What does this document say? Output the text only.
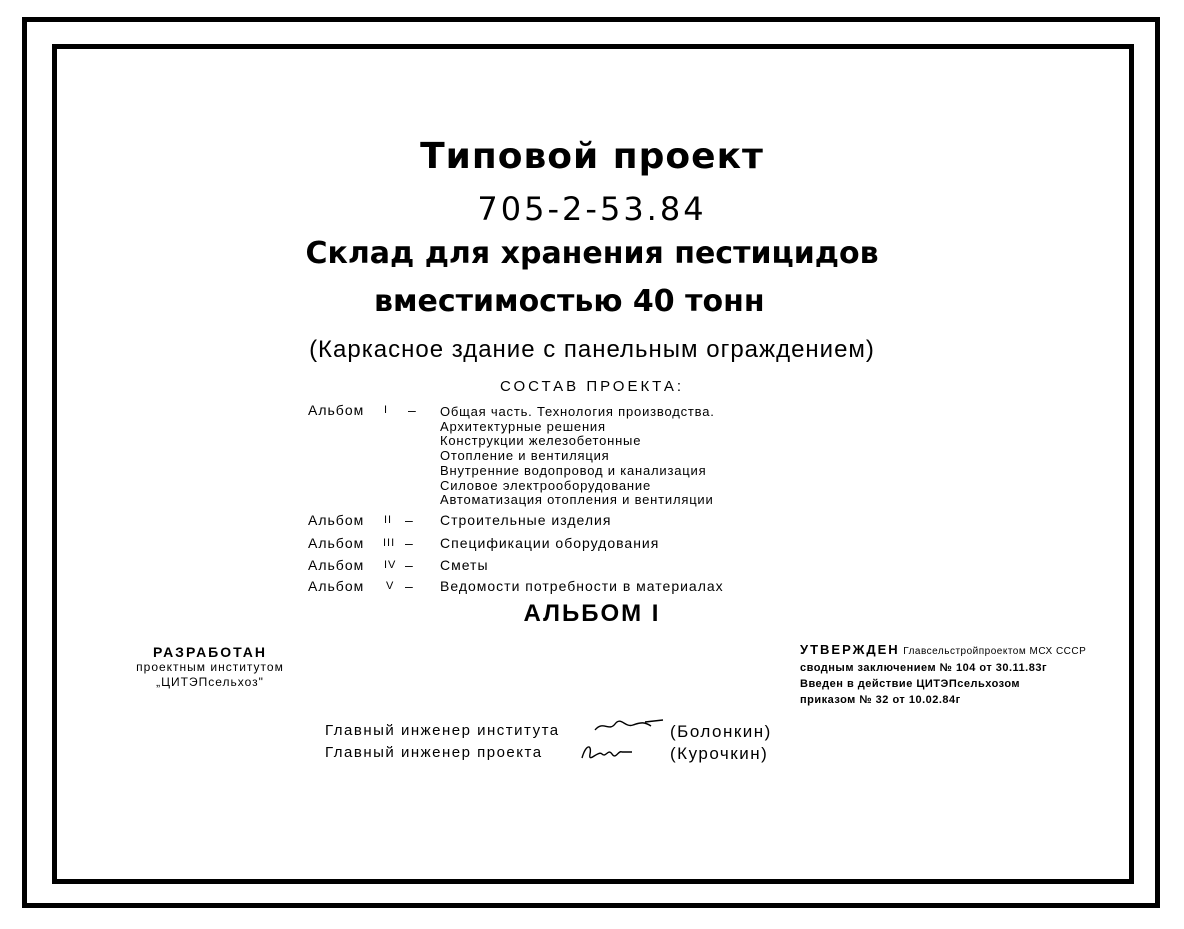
Типовой проект
705-2-53.84
Склад для хранения пестицидов
вместимостью 40 тонн
(Каркасное здание с панельным ограждением)
СОСТАВ ПРОЕКТА:
Альбом I – Общая часть. Технология производства.
Архитектурные решения
Конструкции железобетонные
Отопление и вентиляция
Внутренние водопровод и канализация
Силовое электрооборудование
Автоматизация отопления и вентиляции
Альбом II – Строительные изделия
Альбом III – Спецификации оборудования
Альбом IV – Сметы
Альбом V – Ведомости потребности в материалах
АЛЬБОМ I
РАЗРАБОТАН
проектным институтом
„ЦИТЭПсельхоз"
УТВЕРЖДЕН Главсельстройпроектом МСХ СССР
сводным заключением № 104 от 30.11.83г
Введен в действие ЦИТЭПсельхозом
приказом № 32 от 10.02.84г
Главный инженер института	(Болонкин)
Главный инженер проекта	(Курочкин)
